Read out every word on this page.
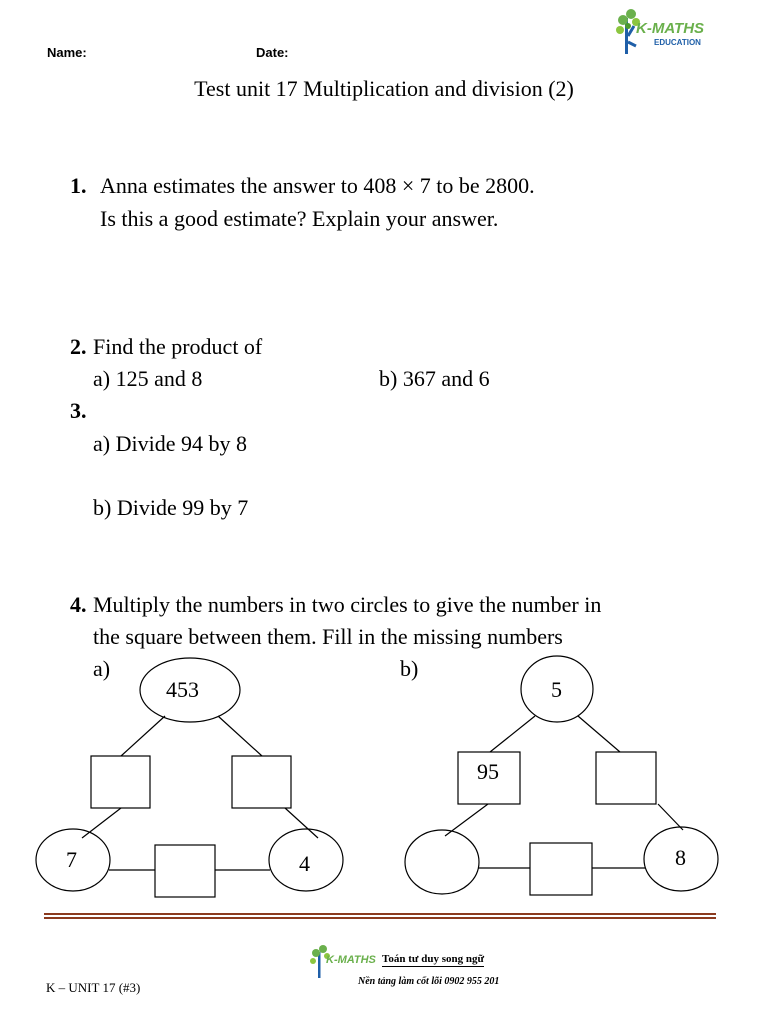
Name:	Date:
K-MATHS
EDUCATION
Test unit 17 Multiplication and division (2)
1. Anna estimates the answer to 408 × 7 to be 2800.
Is this a good estimate? Explain your answer.
2. Find the product of
a) 125 and 8	b) 367 and 6
3.
a) Divide 94 by 8
b) Divide 99 by 7
4. Multiply the numbers in two circles to give the number in
the square between them. Fill in the missing numbers
a)	b)
453
7	4
5
95
8
K-MATHS Toán tư duy song ngữ
Nền tảng làm cốt lõi 0902 955 201
K – UNIT 17 (#3)
